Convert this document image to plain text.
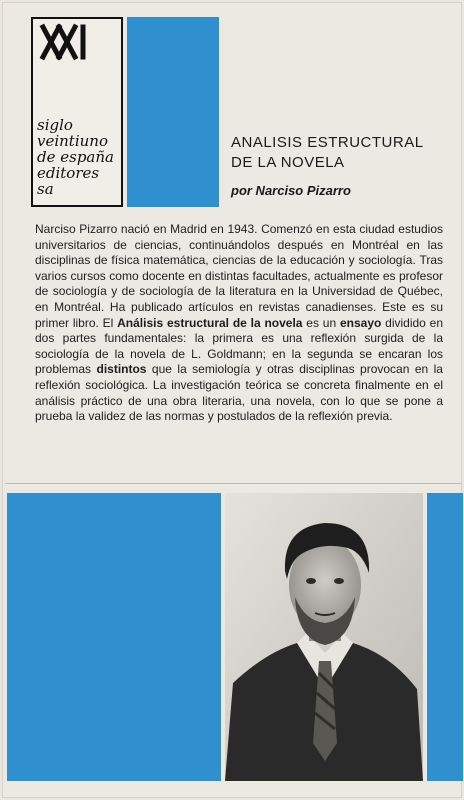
siglo
veintiuno
de españa
editores
sa
ANALISIS ESTRUCTURAL
DE LA NOVELA
por Narciso Pizarro
Narciso Pizarro nació en Madrid en 1943. Comenzó en esta ciudad estudios universitarios de ciencias, continuándolos después en Montréal en las disciplinas de física matemática, ciencias de la educación y sociología. Tras varios cursos como docente en distintas facultades, actualmente es profesor de sociología y de sociología de la literatura en la Universidad de Québec, en Montréal. Ha publicado artículos en revistas canadienses. Este es su primer libro. El Análisis estructural de la novela es un ensayo dividido en dos partes fundamentales: la primera es una reflexión surgida de la sociología de la novela de L. Goldmann; en la segunda se encaran los problemas distintos que la semiología y otras disciplinas provocan en la reflexión sociológica. La investigación teórica se concreta finalmente en el análisis práctico de una obra literaria, una novela, con lo que se pone a prueba la validez de las normas y postulados de la reflexión previa.
